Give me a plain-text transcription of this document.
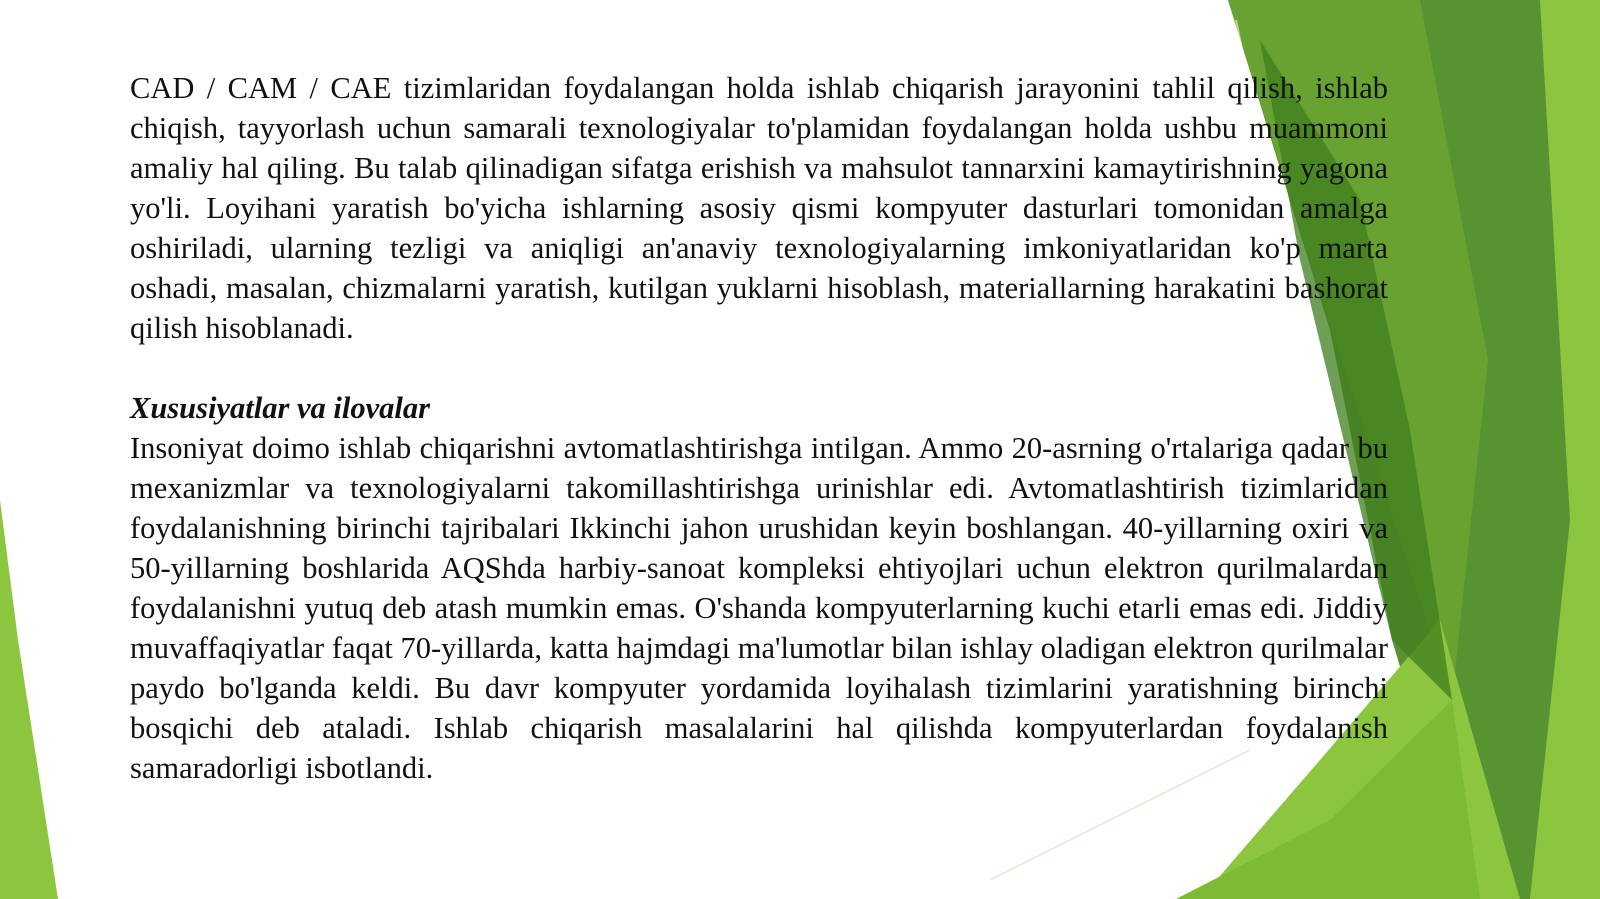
CAD / CAM / CAE tizimlaridan foydalangan holda ishlab chiqarish jarayonini tahlil qilish, ishlab chiqish, tayyorlash uchun samarali texnologiyalar to'plamidan foydalangan holda ushbu muammoni amaliy hal qiling. Bu talab qilinadigan sifatga erishish va mahsulot tannarxini kamaytirishning yagona yo'li. Loyihani yaratish bo'yicha ishlarning asosiy qismi kompyuter dasturlari tomonidan amalga oshiriladi, ularning tezligi va aniqligi an'anaviy texnologiyalarning imkoniyatlaridan ko'p marta oshadi, masalan, chizmalarni yaratish, kutilgan yuklarni hisoblash, materiallarning harakatini bashorat qilish hisoblanadi.

Xususiyatlar va ilovalar

Insoniyat doimo ishlab chiqarishni avtomatlashtirishga intilgan. Ammo 20-asrning o'rtalariga qadar bu mexanizmlar va texnologiyalarni takomillashtirishga urinishlar edi. Avtomatlashtirish tizimlaridan foydalanishning birinchi tajribalari Ikkinchi jahon urushidan keyin boshlangan. 40-yillarning oxiri va 50-yillarning boshlarida AQShda harbiy-sanoat kompleksi ehtiyojlari uchun elektron qurilmalardan foydalanishni yutuq deb atash mumkin emas. O'shanda kompyuterlarning kuchi etarli emas edi. Jiddiy muvaffaqiyatlar faqat 70-yillarda, katta hajmdagi ma'lumotlar bilan ishlay oladigan elektron qurilmalar paydo bo'lganda keldi. Bu davr kompyuter yordamida loyihalash tizimlarini yaratishning birinchi bosqichi deb ataladi. Ishlab chiqarish masalalarini hal qilishda kompyuterlardan foydalanish samaradorligi isbotlandi.
